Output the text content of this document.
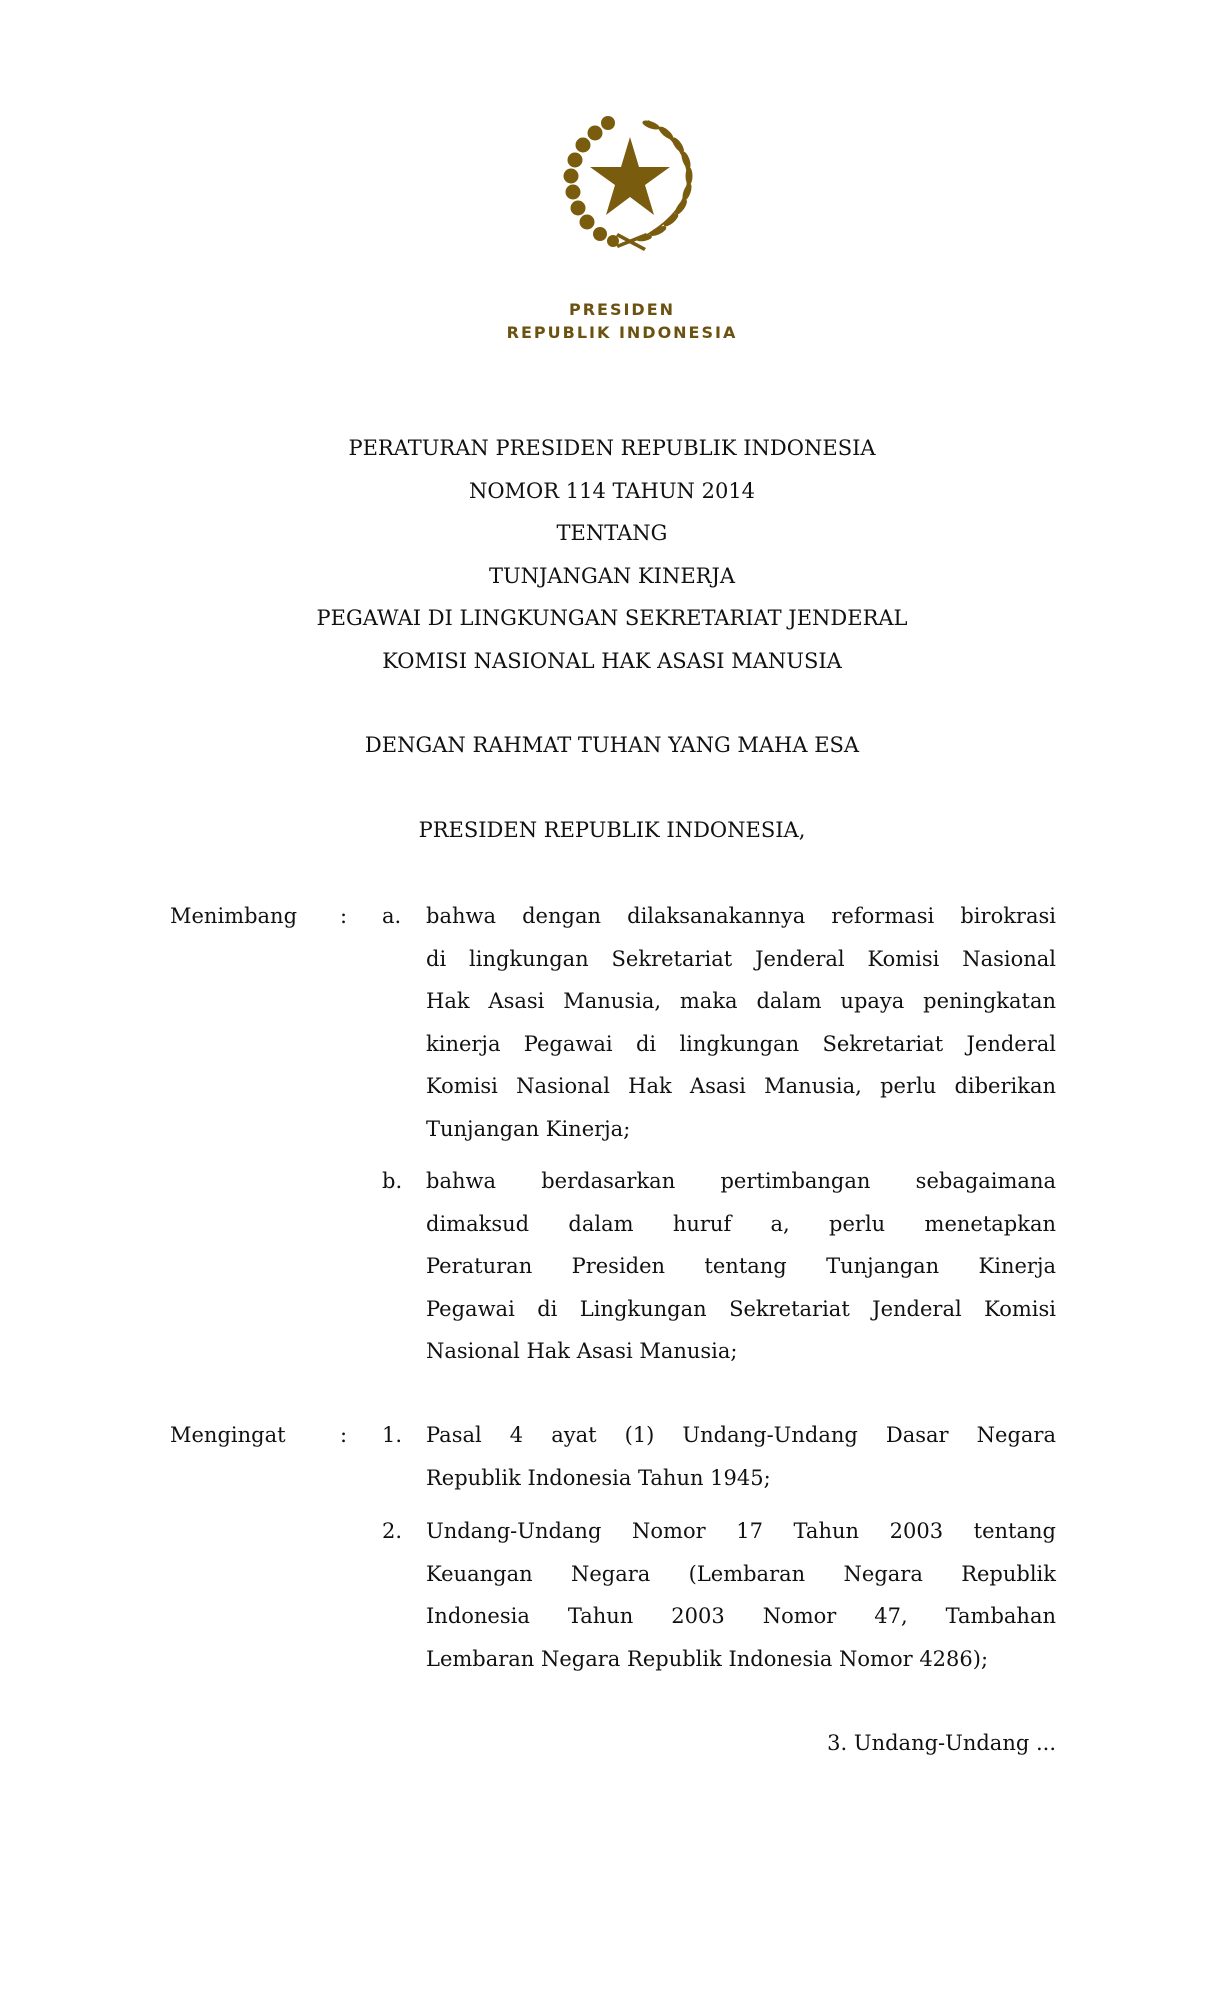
PRESIDEN
REPUBLIK INDONESIA
PERATURAN PRESIDEN REPUBLIK INDONESIA
NOMOR 114 TAHUN 2014
TENTANG
TUNJANGAN KINERJA
PEGAWAI DI LINGKUNGAN SEKRETARIAT JENDERAL
KOMISI NASIONAL HAK ASASI MANUSIA
DENGAN RAHMAT TUHAN YANG MAHA ESA
PRESIDEN REPUBLIK INDONESIA,
Menimbang : a. bahwa dengan dilaksanakannya reformasi birokrasi
di lingkungan Sekretariat Jenderal Komisi Nasional
Hak Asasi Manusia, maka dalam upaya peningkatan
kinerja Pegawai di lingkungan Sekretariat Jenderal
Komisi Nasional Hak Asasi Manusia, perlu diberikan
Tunjangan Kinerja;
b. bahwa berdasarkan pertimbangan sebagaimana
dimaksud dalam huruf a, perlu menetapkan
Peraturan Presiden tentang Tunjangan Kinerja
Pegawai di Lingkungan Sekretariat Jenderal Komisi
Nasional Hak Asasi Manusia;
Mengingat	: 1. Pasal 4 ayat (1) Undang-Undang Dasar Negara
Republik Indonesia Tahun 1945;
2. Undang-Undang Nomor 17 Tahun 2003 tentang
Keuangan Negara (Lembaran Negara Republik
Indonesia Tahun 2003 Nomor 47, Tambahan
Lembaran Negara Republik Indonesia Nomor 4286);
3. Undang-Undang ...
